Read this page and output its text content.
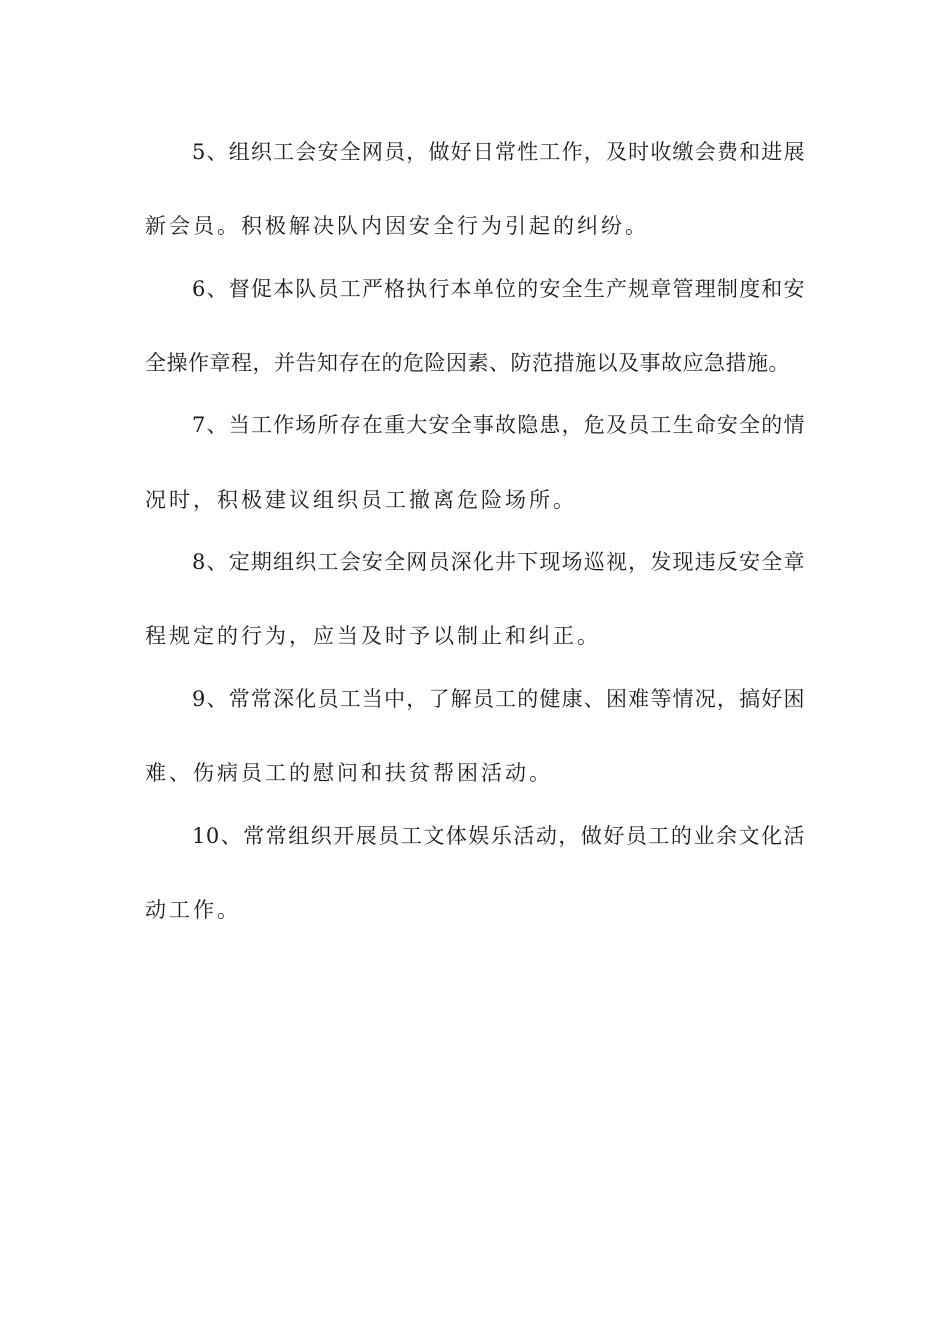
5、组织工会安全网员，做好日常性工作，及时收缴会费和进展
新会员。积极解决队内因安全行为引起的纠纷。
6、督促本队员工严格执行本单位的安全生产规章管理制度和安
全操作章程，并告知存在的危险因素、防范措施以及事故应急措施。
7、当工作场所存在重大安全事故隐患，危及员工生命安全的情
况时，积极建议组织员工撤离危险场所。
8、定期组织工会安全网员深化井下现场巡视，发现违反安全章
程规定的行为，应当及时予以制止和纠正。
9、常常深化员工当中，了解员工的健康、困难等情况，搞好困
难、伤病员工的慰问和扶贫帮困活动。
10、常常组织开展员工文体娱乐活动，做好员工的业余文化活
动工作。
